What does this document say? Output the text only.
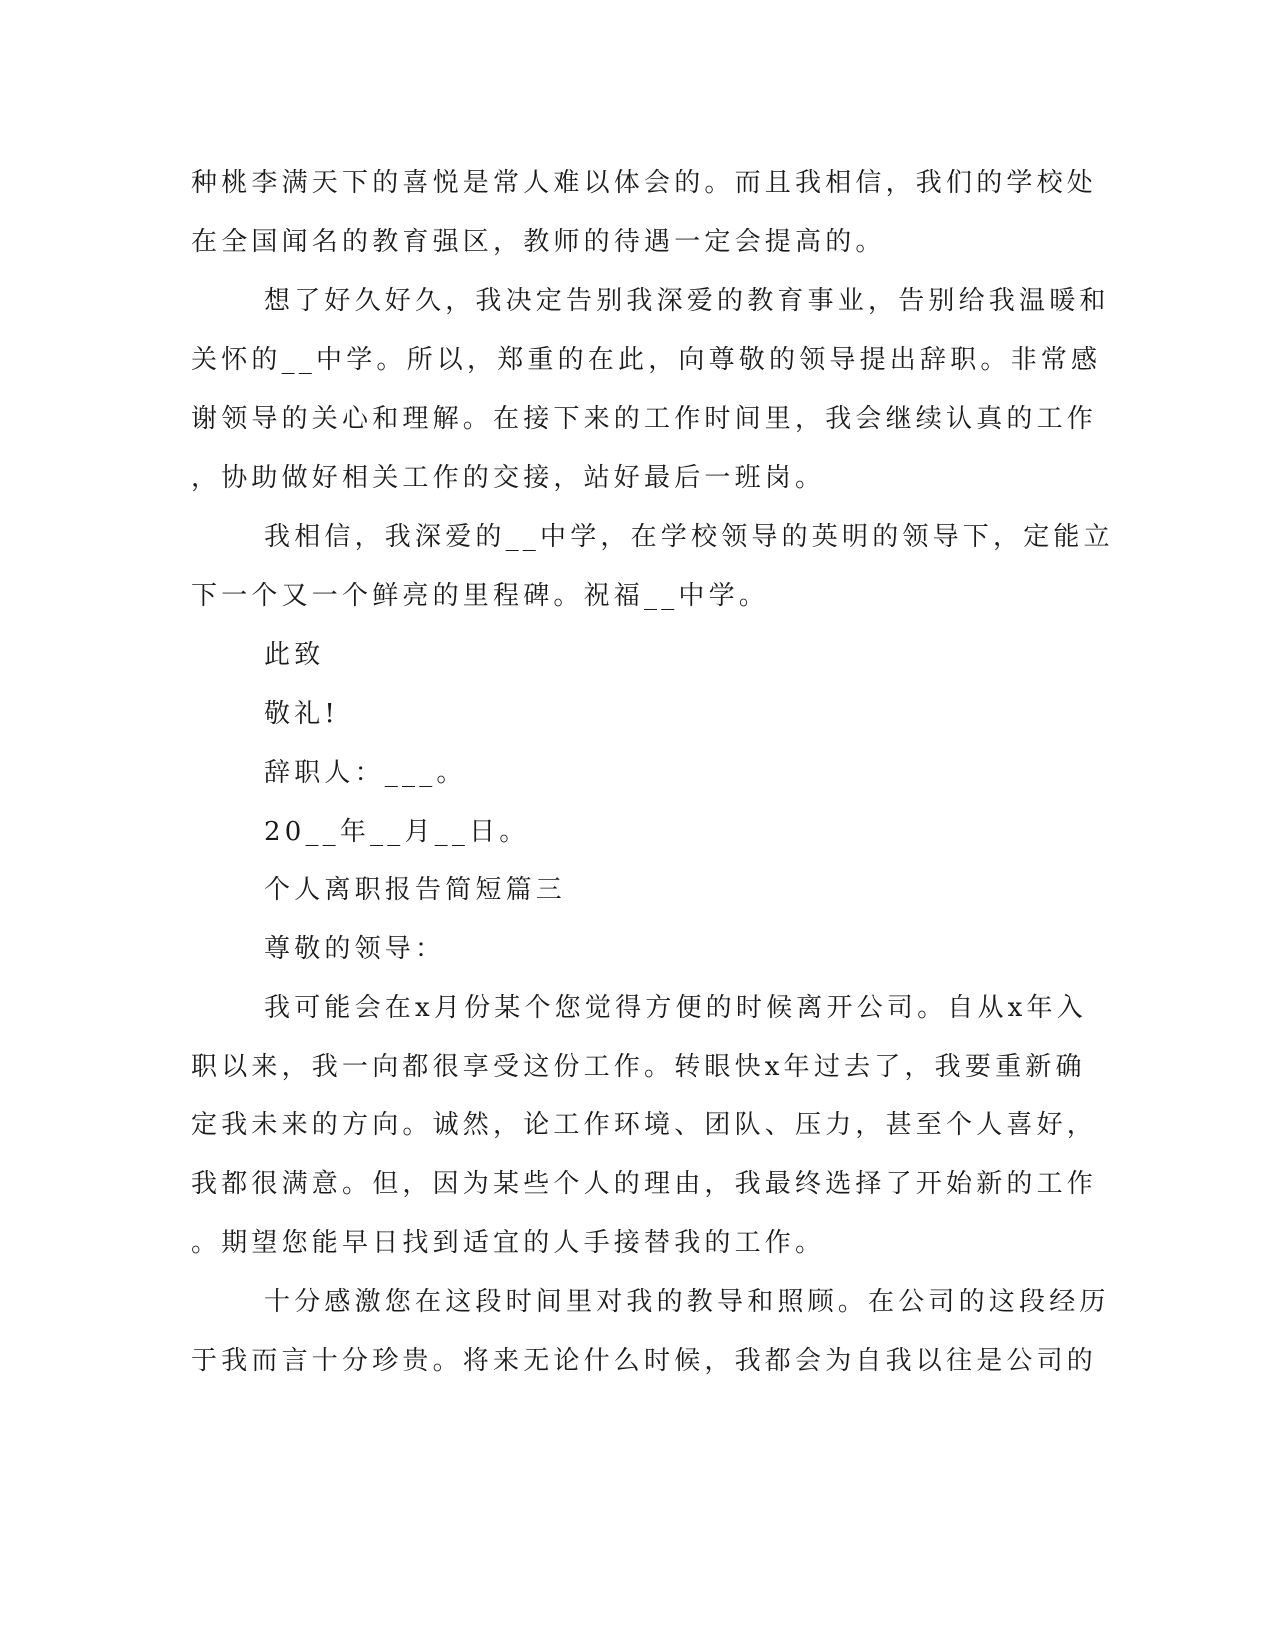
种桃李满天下的喜悦是常人难以体会的。而且我相信，我们的学校处
在全国闻名的教育强区，教师的待遇一定会提高的。
想了好久好久，我决定告别我深爱的教育事业，告别给我温暖和
关怀的__中学。所以，郑重的在此，向尊敬的领导提出辞职。非常感
谢领导的关心和理解。在接下来的工作时间里，我会继续认真的工作
，协助做好相关工作的交接，站好最后一班岗。
我相信，我深爱的__中学，在学校领导的英明的领导下，定能立
下一个又一个鲜亮的里程碑。祝福__中学。
此致
敬礼!
辞职人：___。
20__年__月__日。
个人离职报告简短篇三
尊敬的领导：
我可能会在x月份某个您觉得方便的时候离开公司。自从x年入
职以来，我一向都很享受这份工作。转眼快x年过去了，我要重新确
定我未来的方向。诚然，论工作环境、团队、压力，甚至个人喜好，
我都很满意。但，因为某些个人的理由，我最终选择了开始新的工作
。期望您能早日找到适宜的人手接替我的工作。
十分感激您在这段时间里对我的教导和照顾。在公司的这段经历
于我而言十分珍贵。将来无论什么时候，我都会为自我以往是公司的
